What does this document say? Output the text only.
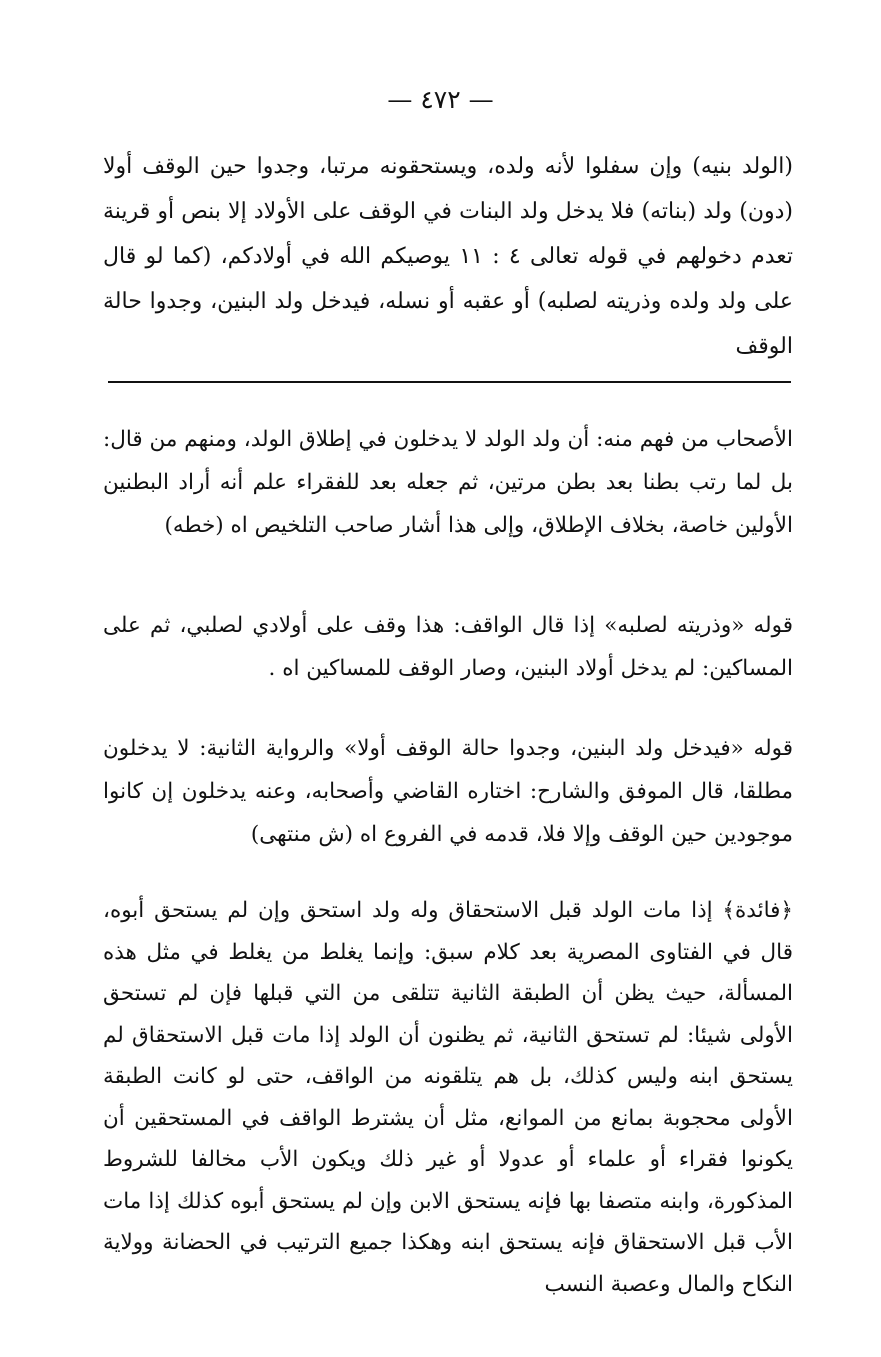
— ٤٧٢ —

(الولد بنيه) وإن سفلوا لأنه ولده، ويستحقونه مرتبا، وجدوا حين الوقف أولا (دون) ولد (بناته) فلا يدخل ولد البنات في الوقف على الأولاد إلا بنص أو قرينة تعدم دخولهم في قوله تعالى ٤ : ١١ يوصيكم الله في أولادكم، (كما لو قال على ولد ولده وذريته لصلبه) أو عقبه أو نسله، فيدخل ولد البنين، وجدوا حالة الوقف

الأصحاب من فهم منه: أن ولد الولد لا يدخلون في إطلاق الولد، ومنهم من قال: بل لما رتب بطنا بعد بطن مرتين، ثم جعله بعد للفقراء علم أنه أراد البطنين الأولين خاصة، بخلاف الإطلاق، وإلى هذا أشار صاحب التلخيص اه (خطه)

قوله «وذريته لصلبه» إذا قال الواقف: هذا وقف على أولادي لصلبي، ثم على المساكين: لم يدخل أولاد البنين، وصار الوقف للمساكين اه .

قوله «فيدخل ولد البنين، وجدوا حالة الوقف أولا» والرواية الثانية: لا يدخلون مطلقا، قال الموفق والشارح: اختاره القاضي وأصحابه، وعنه يدخلون إن كانوا موجودين حين الوقف وإلا فلا، قدمه في الفروع اه (ش منتهى)

﴿فائدة﴾ إذا مات الولد قبل الاستحقاق وله ولد استحق وإن لم يستحق أبوه، قال في الفتاوى المصرية بعد كلام سبق: وإنما يغلط من يغلط في مثل هذه المسألة، حيث يظن أن الطبقة الثانية تتلقى من التي قبلها فإن لم تستحق الأولى شيئا: لم تستحق الثانية، ثم يظنون أن الولد إذا مات قبل الاستحقاق لم يستحق ابنه وليس كذلك، بل هم يتلقونه من الواقف، حتى لو كانت الطبقة الأولى محجوبة بمانع من الموانع، مثل أن يشترط الواقف في المستحقين أن يكونوا فقراء أو علماء أو عدولا أو غير ذلك ويكون الأب مخالفا للشروط المذكورة، وابنه متصفا بها فإنه يستحق الابن وإن لم يستحق أبوه كذلك إذا مات الأب قبل الاستحقاق فإنه يستحق ابنه وهكذا جميع الترتيب في الحضانة وولاية النكاح والمال وعصبة النسب
